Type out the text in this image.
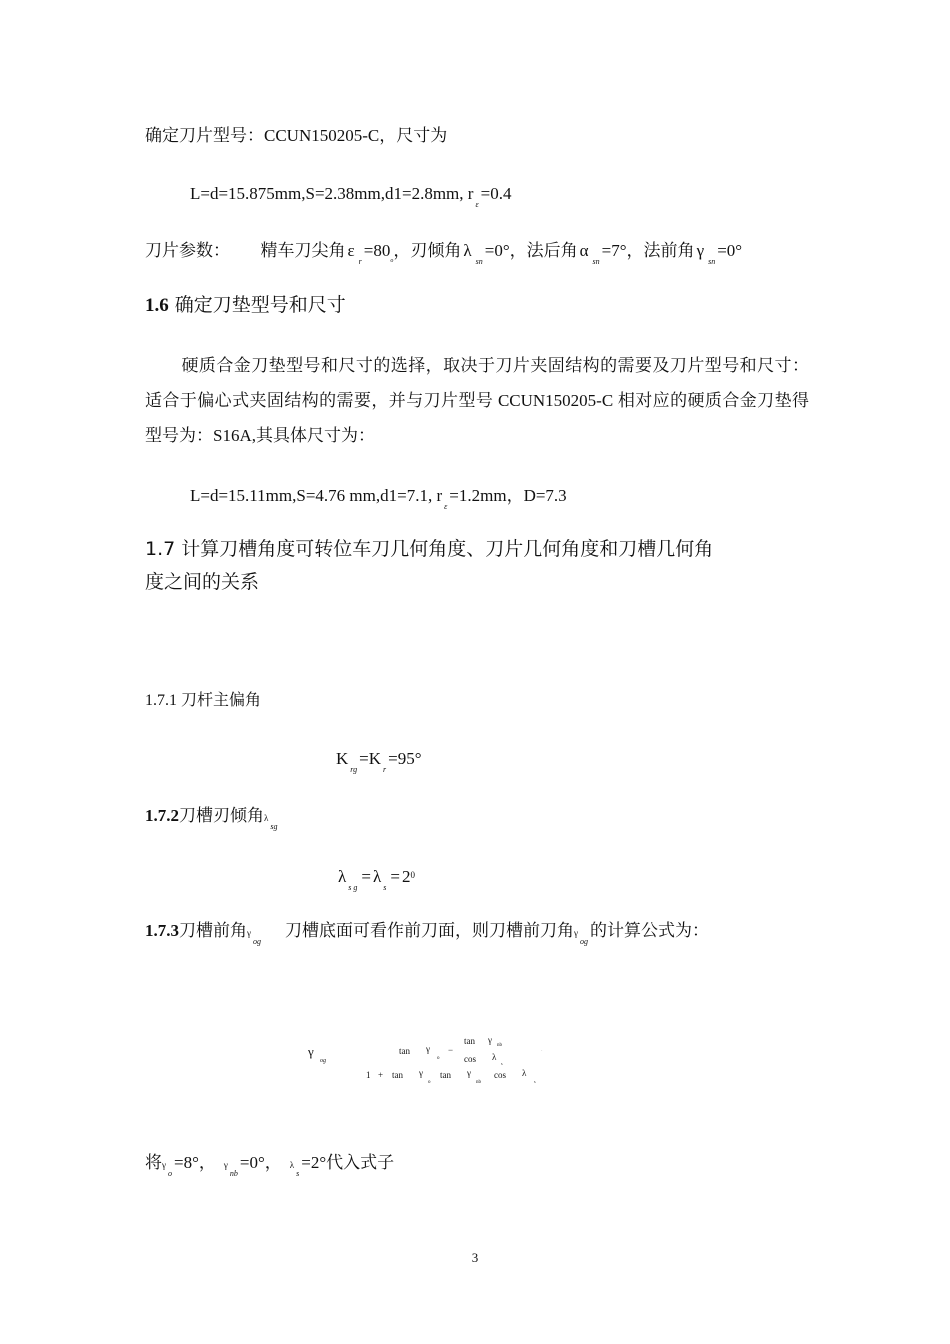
确定刀片型号：CCUN150205-C，尺寸为
L=d=15.875mm,S=2.38mm,d1=2.8mm, $r_\varepsilon=0.4$
刀片参数： 精车刀尖角 $\varepsilon_r=80_o$，刃倾角 $\lambda_{sn}=0^\circ$，法后角 $\alpha_{sn}=7^\circ$，法前角 $\gamma_{sn}=0^\circ$
1.6 确定刀垫型号和尺寸
硬质合金刀垫型号和尺寸的选择，取决于刀片夹固结构的需要及刀片型号和尺寸：适合于偏心式夹固结构的需要，并与刀片型号 CCUN150205-C 相对应的硬质合金刀垫得型号为：S16A,其具体尺寸为：
L=d=15.11mm,S=4.76 mm,d1=7.1, $r_\varepsilon=1.2mm$，D=7.3
1.7 计算刀槽角度可转位车刀几何角度、刀片几何角度和刀槽几何角
度之间的关系
1.7.1 刀杆主偏角
$K_{rg}=K_r=95^\circ$
1.7.2刀槽刃倾角$\lambda_{sg}$
$\lambda_{s g}= \lambda_s= 2^0$
1.7.3刀槽前角$\gamma_{og}$刀槽底面可看作前刀面，则刀槽前刀角$\gamma_{og}$的计算公式为：
γ
og
tan γ
o
−
tan γ
nb
cos λ
s
·
1 + tan γ
o
tan γ
nb
cos λ
s
将$\gamma_o=8^\circ$， $\gamma_{nb}=0^\circ$， $\lambda_s=2^\circ$代入式子
3
